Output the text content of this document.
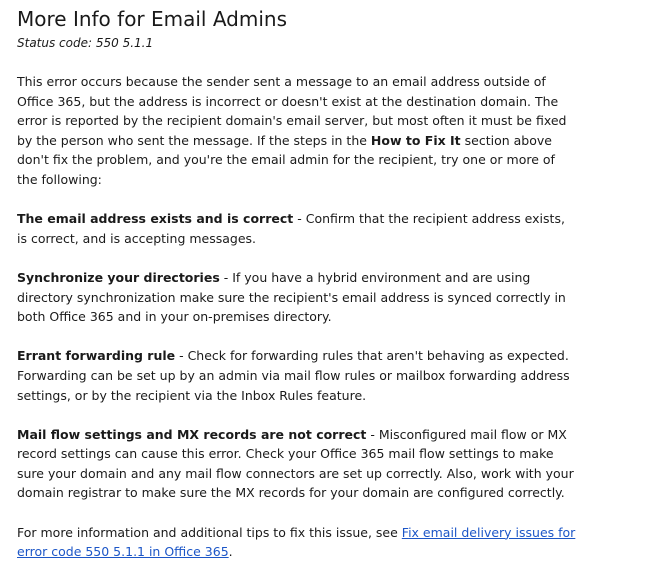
More Info for Email Admins
Status code: 550 5.1.1

This error occurs because the sender sent a message to an email address outside of Office 365, but the address is incorrect or doesn't exist at the destination domain. The error is reported by the recipient domain's email server, but most often it must be fixed by the person who sent the message. If the steps in the How to Fix It section above don't fix the problem, and you're the email admin for the recipient, try one or more of the following:

The email address exists and is correct - Confirm that the recipient address exists, is correct, and is accepting messages.

Synchronize your directories - If you have a hybrid environment and are using directory synchronization make sure the recipient's email address is synced correctly in both Office 365 and in your on-premises directory.

Errant forwarding rule - Check for forwarding rules that aren't behaving as expected. Forwarding can be set up by an admin via mail flow rules or mailbox forwarding address settings, or by the recipient via the Inbox Rules feature.

Mail flow settings and MX records are not correct - Misconfigured mail flow or MX record settings can cause this error. Check your Office 365 mail flow settings to make sure your domain and any mail flow connectors are set up correctly. Also, work with your domain registrar to make sure the MX records for your domain are configured correctly.

For more information and additional tips to fix this issue, see Fix email delivery issues for error code 550 5.1.1 in Office 365.
